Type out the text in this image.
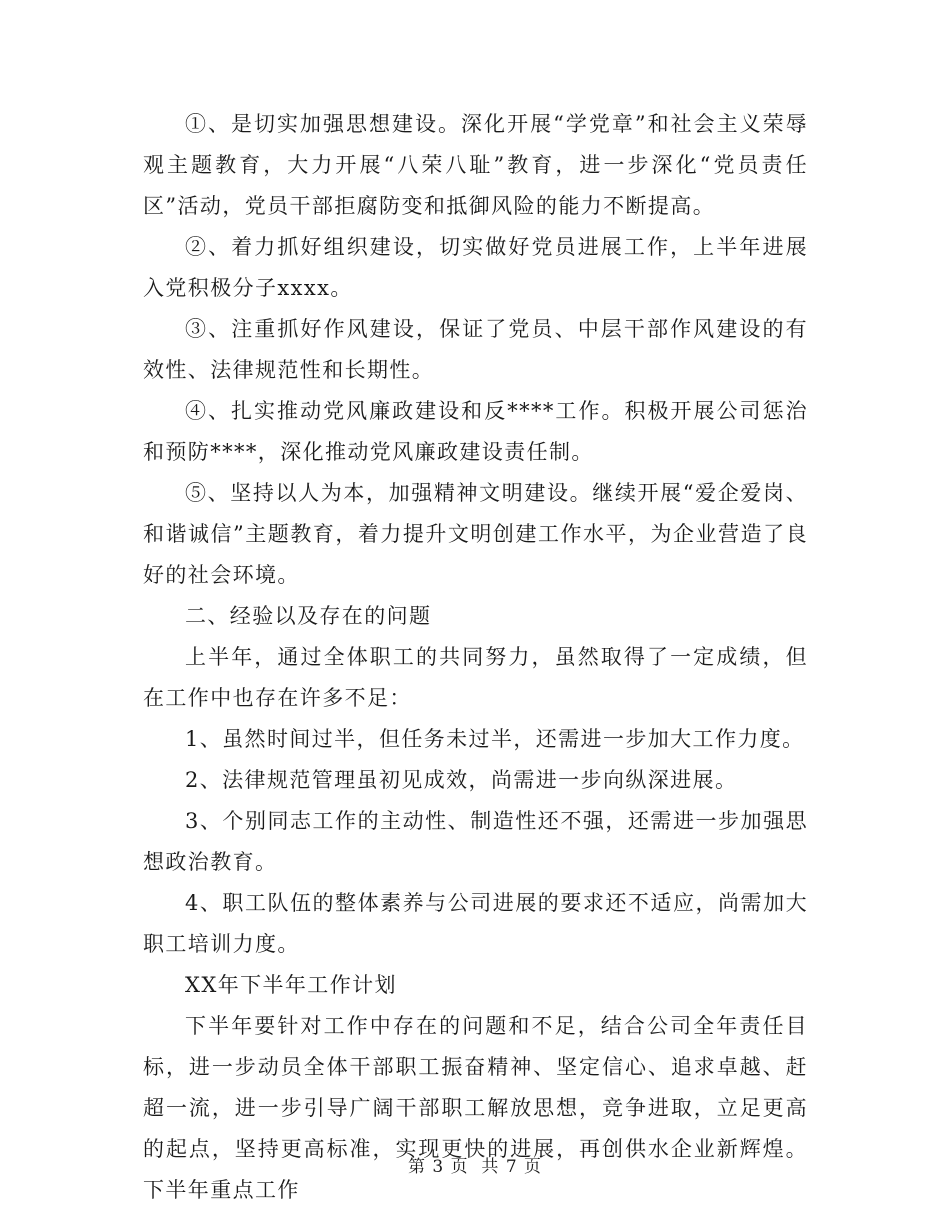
①、是切实加强思想建设。深化开展“学党章”和社会主义荣辱观主题教育，大力开展“八荣八耻”教育，进一步深化“党员责任区”活动，党员干部拒腐防变和抵御风险的能力不断提高。

②、着力抓好组织建设，切实做好党员进展工作，上半年进展入党积极分子xxxx。

③、注重抓好作风建设，保证了党员、中层干部作风建设的有效性、法律规范性和长期性。

④、扎实推动党风廉政建设和反****工作。积极开展公司惩治和预防****，深化推动党风廉政建设责任制。

⑤、坚持以人为本，加强精神文明建设。继续开展“爱企爱岗、和谐诚信”主题教育，着力提升文明创建工作水平，为企业营造了良好的社会环境。

二、经验以及存在的问题

上半年，通过全体职工的共同努力，虽然取得了一定成绩，但在工作中也存在许多不足：

1、虽然时间过半，但任务未过半，还需进一步加大工作力度。

2、法律规范管理虽初见成效，尚需进一步向纵深进展。

3、个别同志工作的主动性、制造性还不强，还需进一步加强思想政治教育。

4、职工队伍的整体素养与公司进展的要求还不适应，尚需加大职工培训力度。

XX年下半年工作计划

下半年要针对工作中存在的问题和不足，结合公司全年责任目标，进一步动员全体干部职工振奋精神、坚定信心、追求卓越、赶超一流，进一步引导广阔干部职工解放思想，竞争进取，立足更高的起点，坚持更高标准，实现更快的进展，再创供水企业新辉煌。下半年重点工作

第 3 页  共 7 页
